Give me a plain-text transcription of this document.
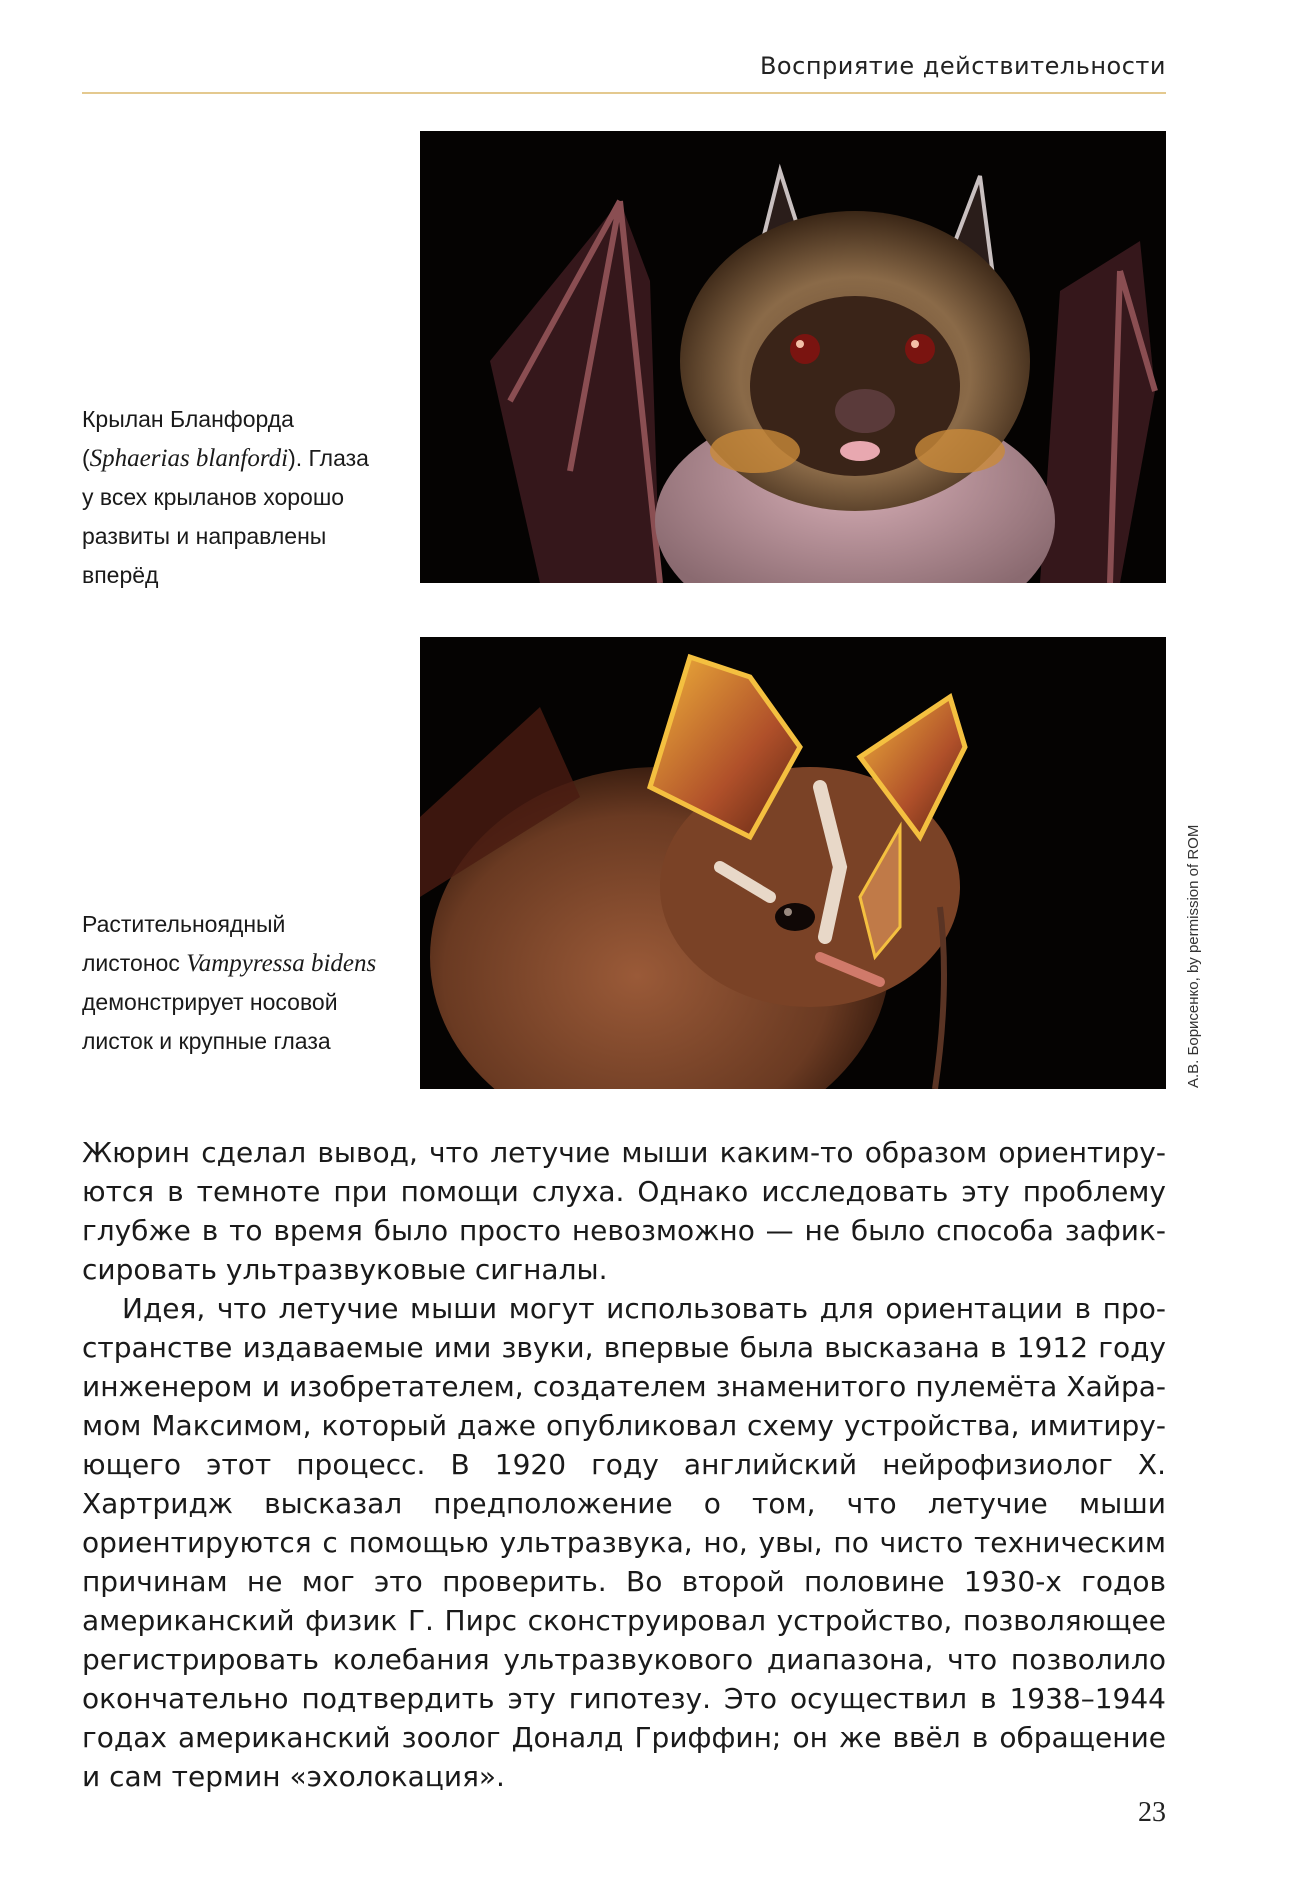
Восприятие действительности
Крылан Бланфорда (Sphaerias blanfordi). Глаза у всех крыланов хорошо развиты и направлены вперёд
Растительноядный листонос Vampyressa bidens демонстрирует носовой листок и крупные глаза	А.В. Борисенко, by permission of ROM

Жюрин сделал вывод, что летучие мыши каким-то образом ориентируются в темноте при помощи слуха. Однако исследовать эту проблему глубже в то время было просто невозможно — не было способа зафиксировать ультразвуковые сигналы.

Идея, что летучие мыши могут использовать для ориентации в пространстве издаваемые ими звуки, впервые была высказана в 1912 году инженером и изобретателем, создателем знаменитого пулемёта Хайрамом Максимом, который даже опубликовал схему устройства, имитирующего этот процесс. В 1920 году английский нейрофизиолог Х. Хартридж высказал предположение о том, что летучие мыши ориентируются с помощью ультразвука, но, увы, по чисто техническим причинам не мог это проверить. Во второй половине 1930-х годов американский физик Г. Пирс сконструировал устройство, позволяющее регистрировать колебания ультразвукового диапазона, что позволило окончательно подтвердить эту гипотезу. Это осуществил в 1938–1944 годах американский зоолог Доналд Гриффин; он же ввёл в обращение и сам термин «эхолокация».

23
